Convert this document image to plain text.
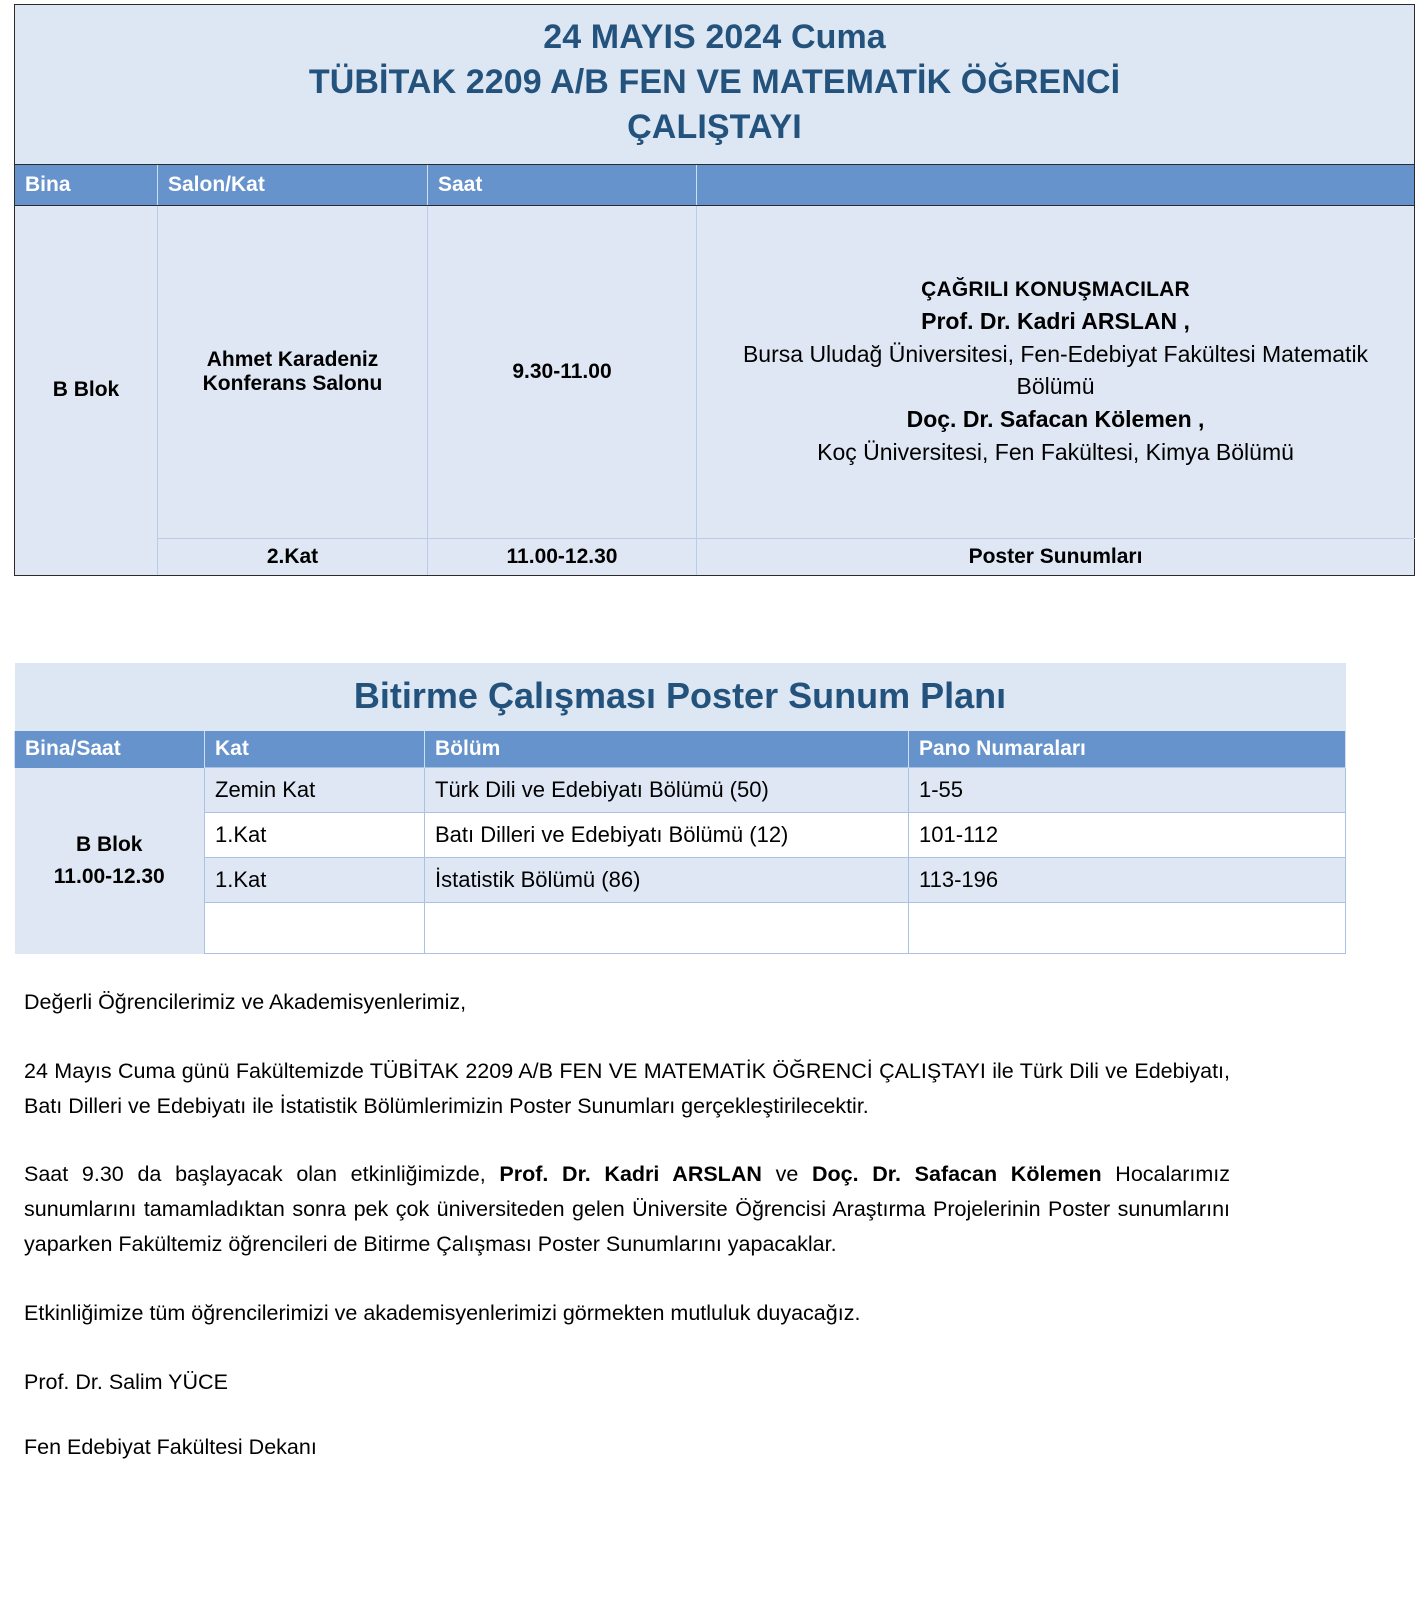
24 MAYIS 2024 Cuma
TÜBİTAK 2209 A/B FEN VE MATEMATİK ÖĞRENCİ
ÇALIŞTAYI			

Bina	Salon/Kat	Saat	
B Blok	Ahmet Karadeniz Konferans Salonu	9.30-11.00	ÇAĞRILI KONUŞMACILAR
Prof. Dr. Kadri ARSLAN ,
Bursa Uludağ Üniversitesi, Fen-Edebiyat Fakültesi Matematik Bölümü
Doç. Dr. Safacan Kölemen ,
Koç Üniversitesi, Fen Fakültesi, Kimya Bölümü

	2.Kat	11.00-12.30	Poster Sunumları
Bitirme Çalışması Poster Sunum Planı			
Bina/Saat	Kat	Bölüm	Pano Numaraları

B Blok
11.00-12.30	Zemin Kat	Türk Dili ve Edebiyatı Bölümü (50)	1-55
	1.Kat	Batı Dilleri ve Edebiyatı Bölümü (12)	101-112
	1.Kat	İstatistik Bölümü (86)	113-196

Değerli Öğrencilerimiz ve Akademisyenlerimiz,

24 Mayıs Cuma günü Fakültemizde TÜBİTAK 2209 A/B FEN VE MATEMATİK ÖĞRENCİ ÇALIŞTAYI ile Türk Dili ve Edebiyatı, Batı Dilleri ve Edebiyatı ile İstatistik Bölümlerimizin Poster Sunumları gerçekleştirilecektir.

Saat 9.30 da başlayacak olan etkinliğimizde, Prof. Dr. Kadri ARSLAN ve Doç. Dr. Safacan Kölemen Hocalarımız sunumlarını tamamladıktan sonra pek çok üniversiteden gelen Üniversite Öğrencisi Araştırma Projelerinin Poster sunumlarını yaparken Fakültemiz öğrencileri de Bitirme Çalışması Poster Sunumlarını yapacaklar.

Etkinliğimize tüm öğrencilerimizi ve akademisyenlerimizi görmekten mutluluk duyacağız.

Prof. Dr. Salim YÜCE

Fen Edebiyat Fakültesi Dekanı
